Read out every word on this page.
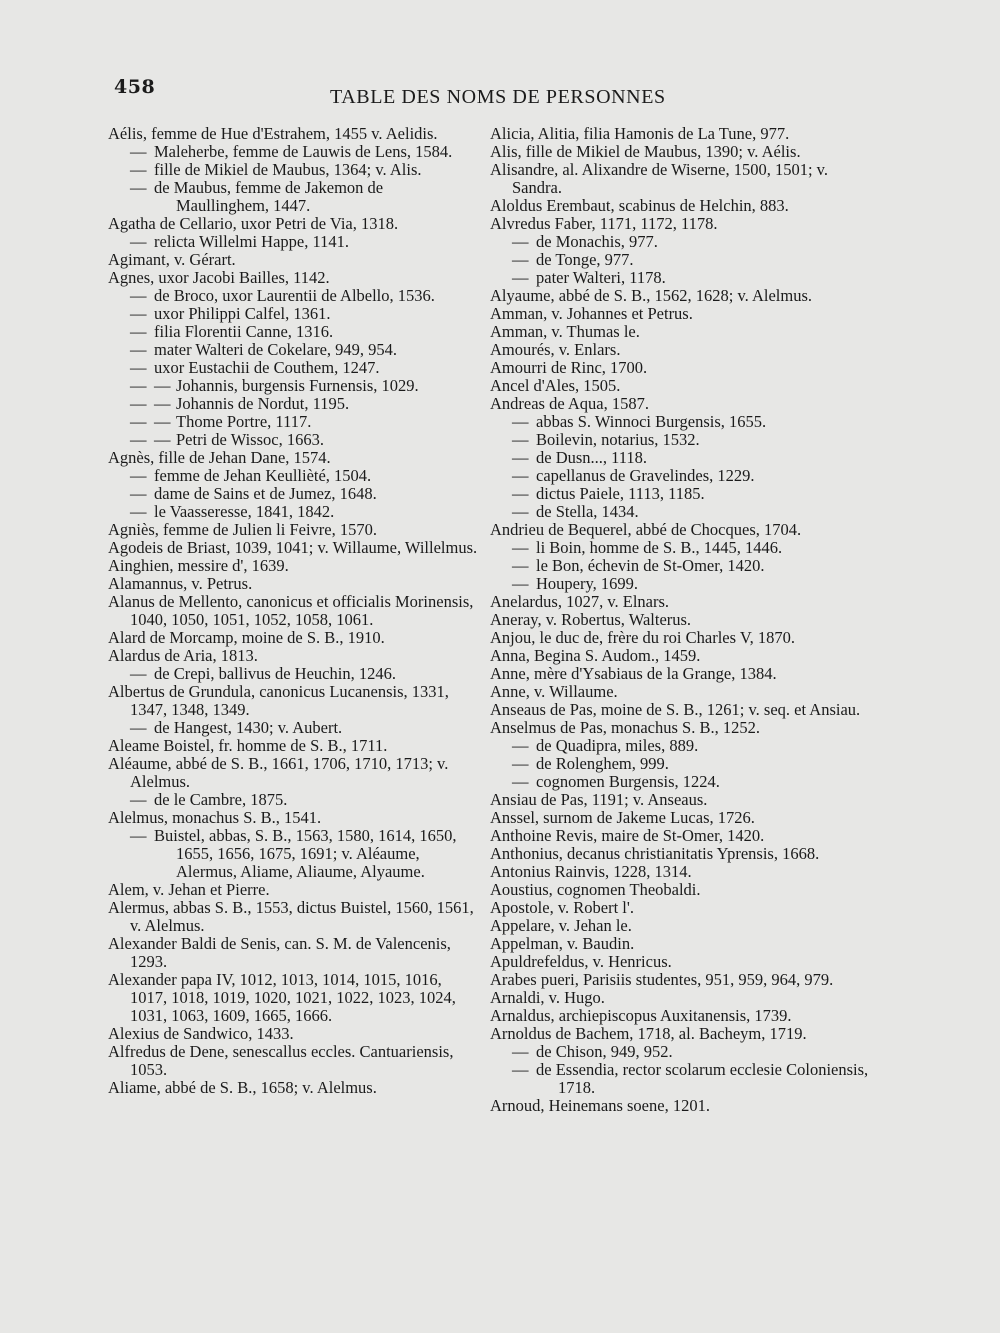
458	TABLE DES NOMS DE PERSONNES
Aélis, femme de Hue d'Estrahem, 1455 v. Aelidis.
— Maleherbe, femme de Lauwis de Lens, 1584.
— fille de Mikiel de Maubus, 1364; v. Alis.
— de Maubus, femme de Jakemon de Maullinghem, 1447.
Agatha de Cellario, uxor Petri de Via, 1318.
— relicta Willelmi Happe, 1141.
Agimant, v. Gérart.
Agnes, uxor Jacobi Bailles, 1142.
— de Broco, uxor Laurentii de Albello, 1536.
— uxor Philippi Calfel, 1361.
— filia Florentii Canne, 1316.
— mater Walteri de Cokelare, 949, 954.
— uxor Eustachii de Couthem, 1247.
— Johannis, burgensis Furnensis, 1029. —
— Johannis de Nordut, 1195. —
— Thome Portre, 1117. —
— Petri de Wissoc, 1663. —
Agnès, fille de Jehan Dane, 1574.
— femme de Jehan Keullièté, 1504.
— dame de Sains et de Jumez, 1648.
— le Vaasseresse, 1841, 1842.
Agniès, femme de Julien li Feivre, 1570.
Agodeis de Briast, 1039, 1041; v. Willaume, Willelmus.
Ainghien, messire d', 1639.
Alamannus, v. Petrus.
Alanus de Mellento, canonicus et officialis Morinensis, 1040, 1050, 1051, 1052, 1058, 1061.
Alard de Morcamp, moine de S. B., 1910.
Alardus de Aria, 1813.
— de Crepi, ballivus de Heuchin, 1246.
Albertus de Grundula, canonicus Lucanensis, 1331, 1347, 1348, 1349.
— de Hangest, 1430; v. Aubert.
Aleame Boistel, fr. homme de S. B., 1711.
Aléaume, abbé de S. B., 1661, 1706, 1710, 1713; v. Alelmus.
— de le Cambre, 1875.
Alelmus, monachus S. B., 1541.
— Buistel, abbas, S. B., 1563, 1580, 1614, 1650, 1655, 1656, 1675, 1691; v. Aléaume, Alermus, Aliame, Aliaume, Alyaume.
Alem, v. Jehan et Pierre.
Alermus, abbas S. B., 1553, dictus Buistel, 1560, 1561, v. Alelmus.
Alexander Baldi de Senis, can. S. M. de Valencenis, 1293.
Alexander papa IV, 1012, 1013, 1014, 1015, 1016, 1017, 1018, 1019, 1020, 1021, 1022, 1023, 1024, 1031, 1063, 1609, 1665, 1666.
Alexius de Sandwico, 1433.
Alfredus de Dene, senescallus eccles. Cantuariensis, 1053.
Aliame, abbé de S. B., 1658; v. Alelmus.
Alicia, Alitia, filia Hamonis de La Tune, 977.
Alis, fille de Mikiel de Maubus, 1390; v. Aélis.
Alisandre, al. Alixandre de Wiserne, 1500, 1501; v. Sandra.
Aloldus Erembaut, scabinus de Helchin, 883.
Alvredus Faber, 1171, 1172, 1178.
— de Monachis, 977.
— de Tonge, 977.
— pater Walteri, 1178.
Alyaume, abbé de S. B., 1562, 1628; v. Alelmus.
Amman, v. Johannes et Petrus.
Amman, v. Thumas le.
Amourés, v. Enlars.
Amourri de Rinc, 1700.
Ancel d'Ales, 1505.
Andreas de Aqua, 1587.
— abbas S. Winnoci Burgensis, 1655.
— Boilevin, notarius, 1532.
— de Dusn..., 1118.
— capellanus de Gravelindes, 1229.
— dictus Paiele, 1113, 1185.
— de Stella, 1434.
Andrieu de Bequerel, abbé de Chocques, 1704.
— li Boin, homme de S. B., 1445, 1446.
— le Bon, échevin de St-Omer, 1420.
— Houpery, 1699.
Anelardus, 1027, v. Elnars.
Aneray, v. Robertus, Walterus.
Anjou, le duc de, frère du roi Charles V, 1870.
Anna, Begina S. Audom., 1459.
Anne, mère d'Ysabiaus de la Grange, 1384.
Anne, v. Willaume.
Anseaus de Pas, moine de S. B., 1261; v. seq. et Ansiau.
Anselmus de Pas, monachus S. B., 1252.
— de Quadipra, miles, 889.
— de Rolenghem, 999.
— cognomen Burgensis, 1224.
Ansiau de Pas, 1191; v. Anseaus.
Anssel, surnom de Jakeme Lucas, 1726.
Anthoine Revis, maire de St-Omer, 1420.
Anthonius, decanus christianitatis Yprensis, 1668.
Antonius Rainvis, 1228, 1314.
Aoustius, cognomen Theobaldi.
Apostole, v. Robert l'.
Appelare, v. Jehan le.
Appelman, v. Baudin.
Apuldrefeldus, v. Henricus.
Arabes pueri, Parisiis studentes, 951, 959, 964, 979.
Arnaldi, v. Hugo.
Arnaldus, archiepiscopus Auxitanensis, 1739.
Arnoldus de Bachem, 1718, al. Bacheym, 1719.
— de Chison, 949, 952.
— de Essendia, rector scolarum ecclesie Coloniensis, 1718.
Arnoud, Heinemans soene, 1201.
